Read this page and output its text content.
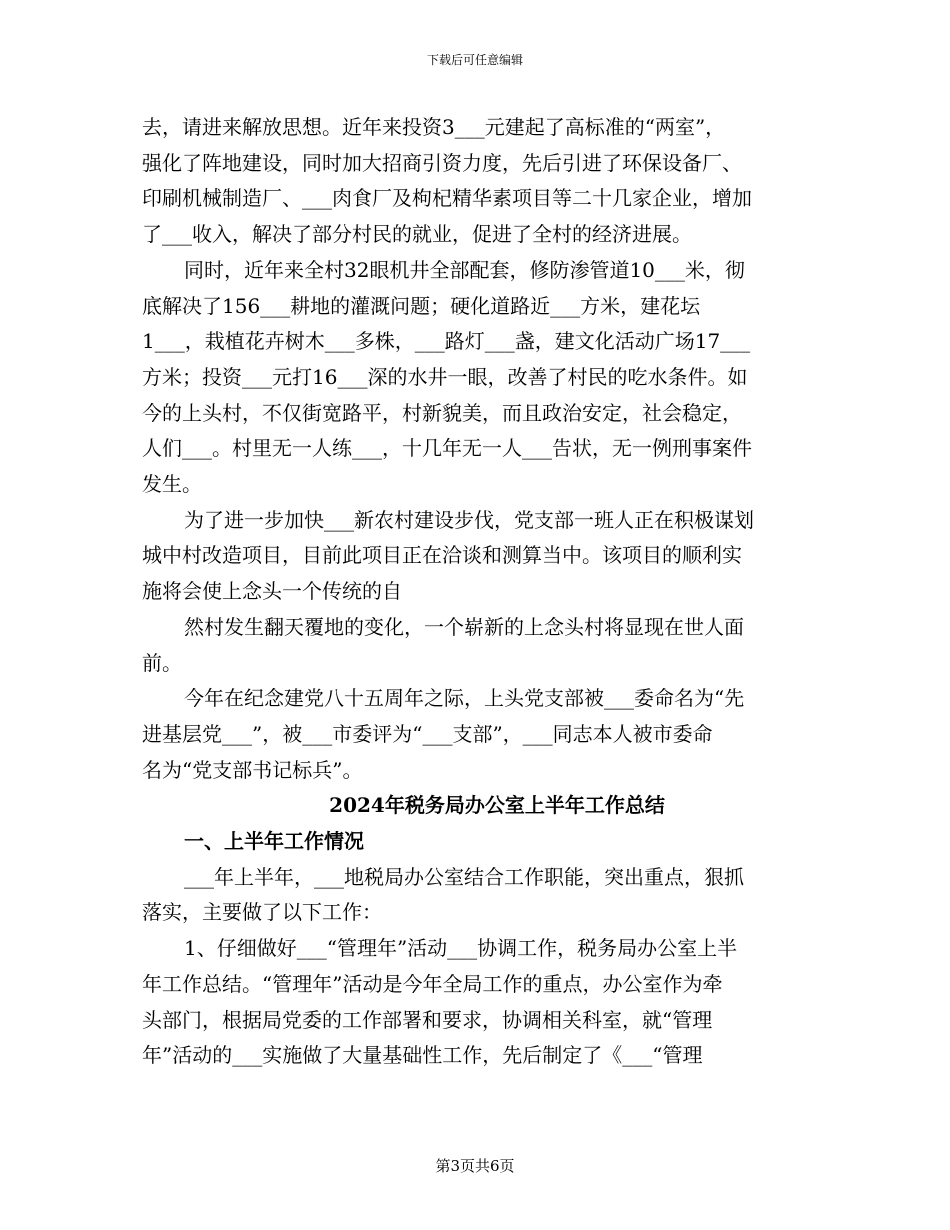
下载后可任意编辑

去，请进来解放思想。近年来投资3___元建起了高标准的“两室”，

强化了阵地建设，同时加大招商引资力度，先后引进了环保设备厂、

印刷机械制造厂、___肉食厂及枸杞精华素项目等二十几家企业，增加

了___收入，解决了部分村民的就业，促进了全村的经济进展。

同时，近年来全村32眼机井全部配套，修防渗管道10___米，彻

底解决了156___耕地的灌溉问题；硬化道路近___方米，建花坛

1___，栽植花卉树木___多株，___路灯___盏，建文化活动广场17___

方米；投资___元打16___深的水井一眼，改善了村民的吃水条件。如

今的上头村，不仅街宽路平，村新貌美，而且政治安定，社会稳定，

人们___。村里无一人练___，十几年无一人___告状，无一例刑事案件

发生。

为了进一步加快___新农村建设步伐，党支部一班人正在积极谋划

城中村改造项目，目前此项目正在洽谈和测算当中。该项目的顺利实

施将会使上念头一个传统的自

然村发生翻天覆地的变化，一个崭新的上念头村将显现在世人面

前。

今年在纪念建党八十五周年之际，上头党支部被___委命名为“先

进基层党___”，被___市委评为“___支部”，___同志本人被市委命

名为“党支部书记标兵”。

2024年税务局办公室上半年工作总结

一、上半年工作情况

___年上半年，___地税局办公室结合工作职能，突出重点，狠抓

落实，主要做了以下工作：

1、仔细做好___“管理年”活动___协调工作，税务局办公室上半

年工作总结。“管理年”活动是今年全局工作的重点，办公室作为牵

头部门，根据局党委的工作部署和要求，协调相关科室，就“管理

年”活动的___实施做了大量基础性工作，先后制定了《___“管理

第3页共6页
